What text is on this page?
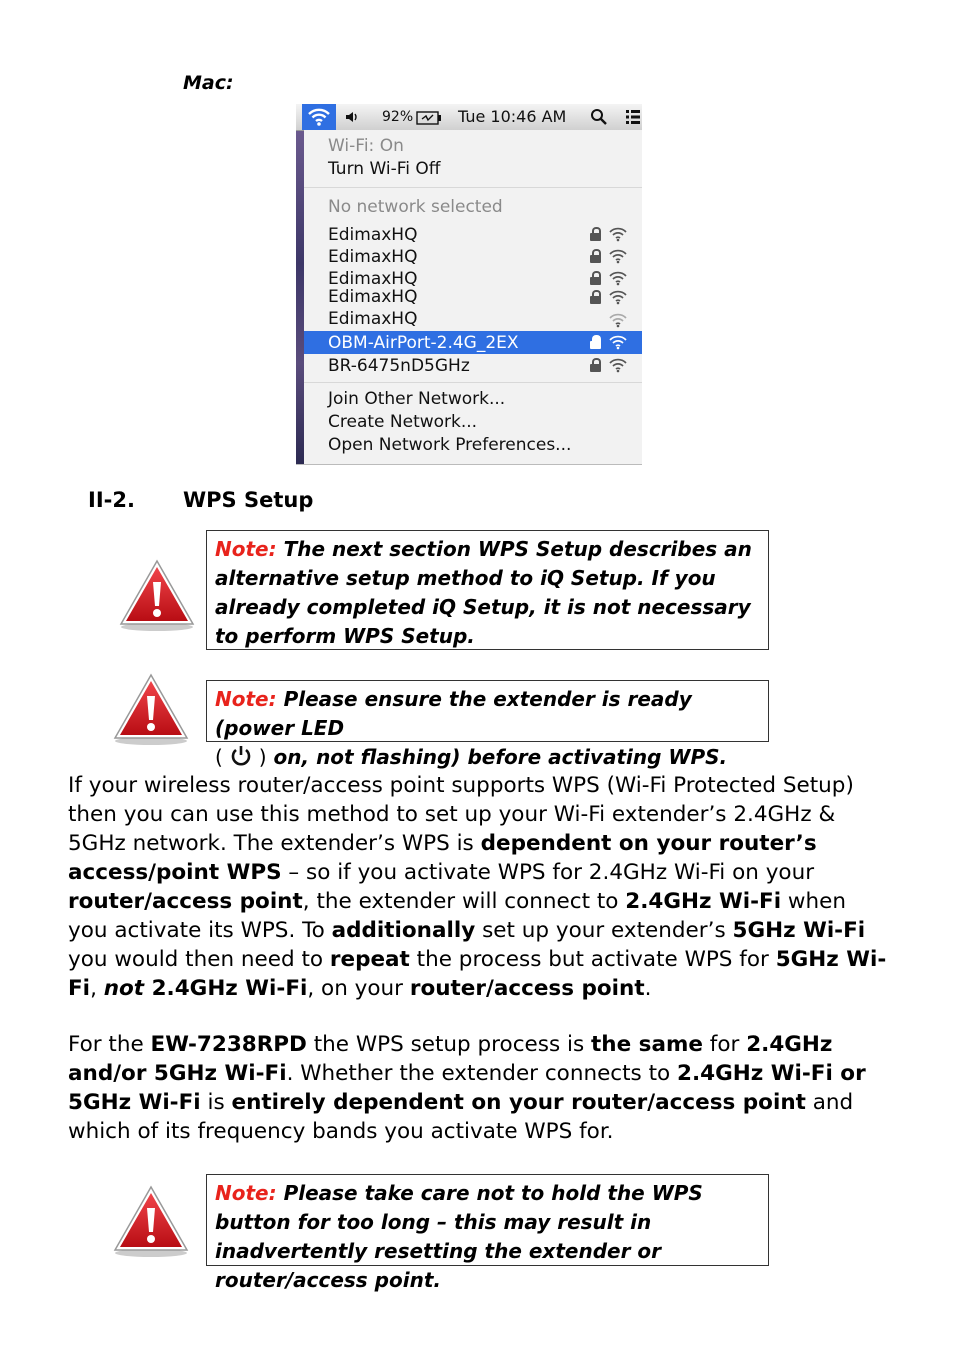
Mac:
92%	Tue 10:46 AM
Wi-Fi: On
Turn Wi-Fi Off
No network selected
EdimaxHQ
EdimaxHQ
EdimaxHQ
EdimaxHQ
EdimaxHQ
OBM-AirPort-2.4G_2EX
BR-6475nD5GHz
Join Other Network...
Create Network...
Open Network Preferences...
II-2. WPS Setup
Note: The next section WPS Setup describes an alternative setup method to iQ Setup. If you already completed iQ Setup, it is not necessary to perform WPS Setup.
Note: Please ensure the extender is ready (power LED
( ) on, not flashing) before activating WPS.
If your wireless router/access point supports WPS (Wi-Fi Protected Setup) then you can use this method to set up your Wi-Fi extender’s 2.4GHz & 5GHz network. The extender’s WPS is dependent on your router’s access/point WPS – so if you activate WPS for 2.4GHz Wi-Fi on your router/access point, the extender will connect to 2.4GHz Wi-Fi when you activate its WPS. To additionally set up your extender’s 5GHz Wi-Fi you would then need to repeat the process but activate WPS for 5GHz Wi-Fi, not 2.4GHz Wi-Fi, on your router/access point.
For the EW-7238RPD the WPS setup process is the same for 2.4GHz and/or 5GHz Wi-Fi. Whether the extender connects to 2.4GHz Wi-Fi or 5GHz Wi-Fi is entirely dependent on your router/access point and which of its frequency bands you activate WPS for.
Note: Please take care not to hold the WPS button for too long – this may result in inadvertently resetting the extender or router/access point.
